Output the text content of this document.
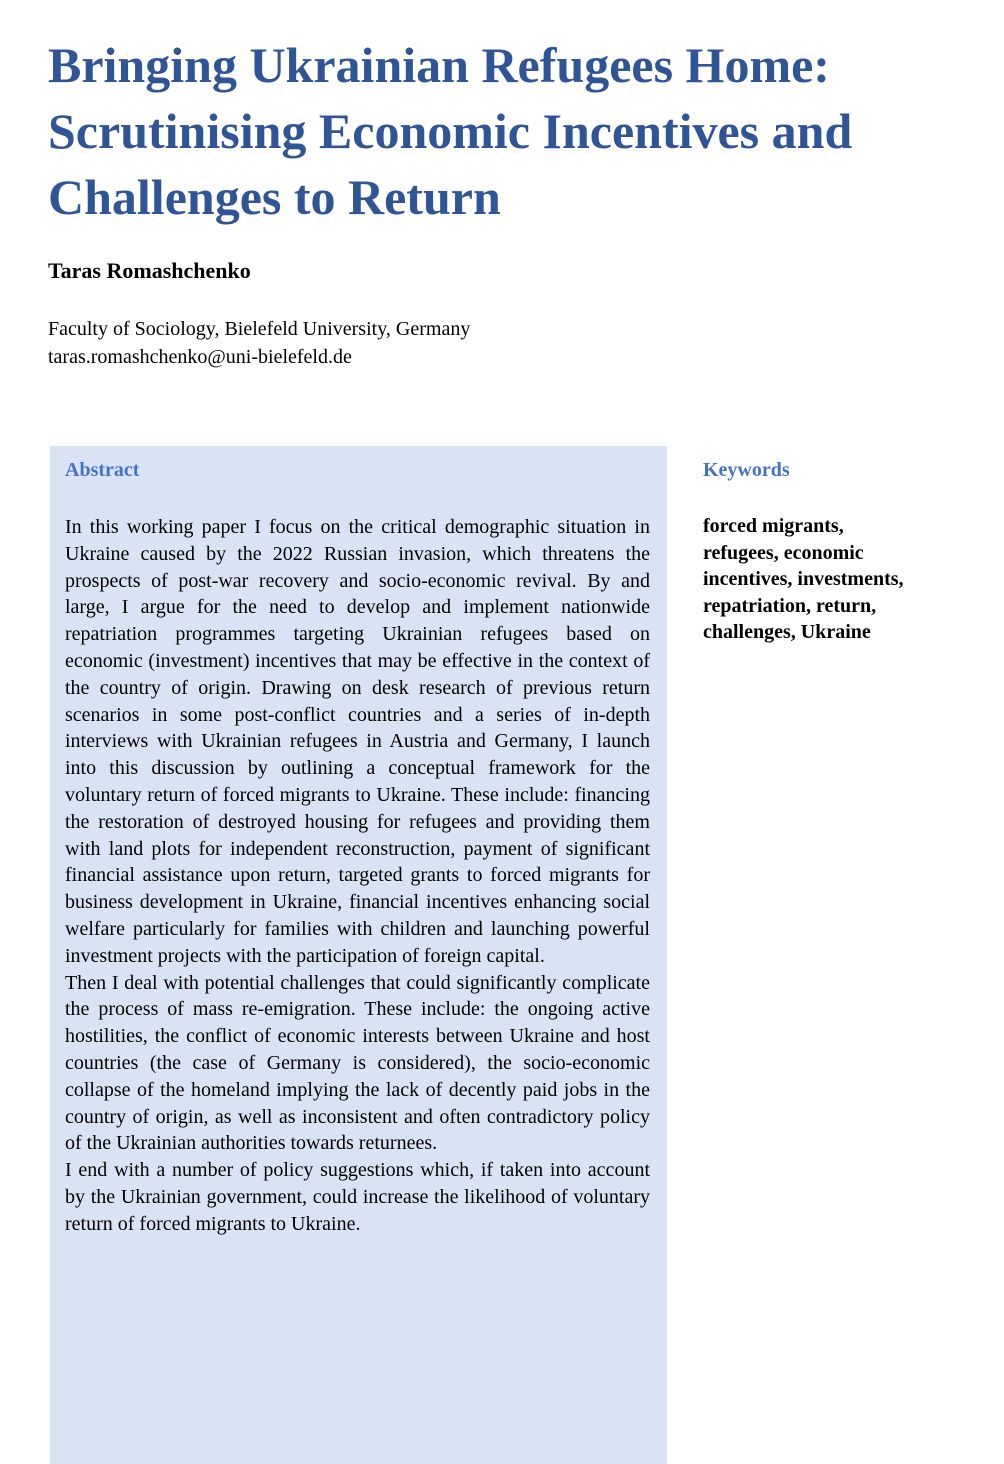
Bringing Ukrainian Refugees Home:
Scrutinising Economic Incentives and
Challenges to Return
Taras Romashchenko
Faculty of Sociology, Bielefeld University, Germany
taras.romashchenko@uni-bielefeld.de
Abstract

In this working paper I focus on the critical demographic situation in Ukraine caused by the 2022 Russian invasion, which threatens the prospects of post-war recovery and socio-economic revival. By and large, I argue for the need to develop and implement nationwide repatriation programmes targeting Ukrainian refugees based on economic (investment) incentives that may be effective in the context of the country of origin. Drawing on desk research of previous return scenarios in some post-conflict countries and a series of in-depth interviews with Ukrainian refugees in Austria and Germany, I launch into this discussion by outlining a conceptual framework for the voluntary return of forced migrants to Ukraine. These include: financing the restoration of destroyed housing for refugees and providing them with land plots for independent reconstruction, payment of significant financial assistance upon return, targeted grants to forced migrants for business development in Ukraine, financial incentives enhancing social welfare particularly for families with children and launching powerful investment projects with the participation of foreign capital.

Then I deal with potential challenges that could significantly complicate the process of mass re-emigration. These include: the ongoing active hostilities, the conflict of economic interests between Ukraine and host countries (the case of Germany is considered), the socio-economic collapse of the homeland implying the lack of decently paid jobs in the country of origin, as well as inconsistent and often contradictory policy of the Ukrainian authorities towards returnees.

I end with a number of policy suggestions which, if taken into account by the Ukrainian government, could increase the likelihood of voluntary return of forced migrants to Ukraine.

Keywords
forced migrants,
refugees, economic
incentives, investments,
repatriation, return,
challenges, Ukraine
